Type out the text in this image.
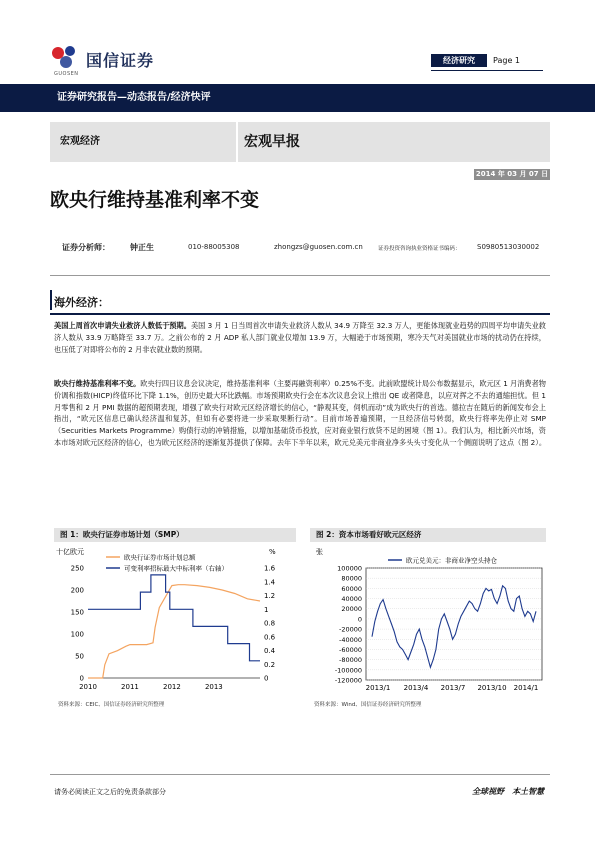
国信证券
GUOSEN
经济研究	Page 1
证券研究报告—动态报告/经济快评
宏观经济	宏观早报
2014 年 03 月 07 日
欧央行维持基准利率不变
证券分析师：	钟正生	010-88005308	zhongzs@guosen.com.cn	证券投资咨询执业资格证书编码： S0980513030002
海外经济：
美国上周首次申请失业救济人数低于预期。美国 3 月 1 日当周首次申请失业救济人数从 34.9 万降至 32.3 万人，更能体现就业趋势的四周平均申请失业救济人数从 33.9 万略降至 33.7 万。之前公布的 2 月 ADP 私人部门就业仅增加 13.9 万，大幅逊于市场预期，寒冷天气对美国就业市场的扰动仍在持续，也压低了对即将公布的 2 月非农就业数的预期。
欧央行维持基准利率不变。欧央行四日议息会议决定，维持基准利率（主要再融资利率）0.25%不变。此前欧盟统计局公布数据显示，欧元区 1 月消费者物价调和指数(HICP)终值环比下降 1.1%，创历史最大环比跌幅。市场预期欧央行会在本次议息会议上推出 QE 或者降息，以应对挥之不去的通缩担忧。但 1 月零售和 2 月 PMI 数据的超预期表现，增强了欧央行对欧元区经济增长的信心，“静观其变，伺机而动”成为欧央行的首选。德拉吉在随后的新闻发布会上指出，“欧元区信息已确认经济温和复苏，但如有必要将进一步采取果断行动”。目前市场普遍预期，一旦经济信号转弱，欧央行将率先停止对 SMP（Securities Markets Programme）购债行动的冲销措施，以增加基础货币投放，应对商业银行放贷不足的困境（图 1）。我们认为，相比新兴市场，资本市场对欧元区经济的信心，也为欧元区经济的逐渐复苏提供了保障。去年下半年以来，欧元兑美元非商业净多头头寸变化从一个侧面说明了这点（图 2）。
图 1：欧央行证券市场计划（SMP）
十亿欧元	%
0
50
100
150
200
250
0
0.2
0.4
0.6
0.8
1
1.2
1.4
1.6
2010	2011	2012	2013
欧央行证券市场计划总额
可变利率招标最大中标利率（右轴）
资料来源：CEIC、国信证券经济研究所整理
图 2：资本市场看好欧元区经济
张
100000
80000
60000
40000
20000
0
-20000
-40000
-60000
-80000
-100000
-120000
2013/1 2013/4 2013/7 2013/10 2014/1
欧元兑美元：非商业净空头持仓
资料来源：Wind、国信证券经济研究所整理
请务必阅读正文之后的免责条款部分	全球视野　本土智慧
